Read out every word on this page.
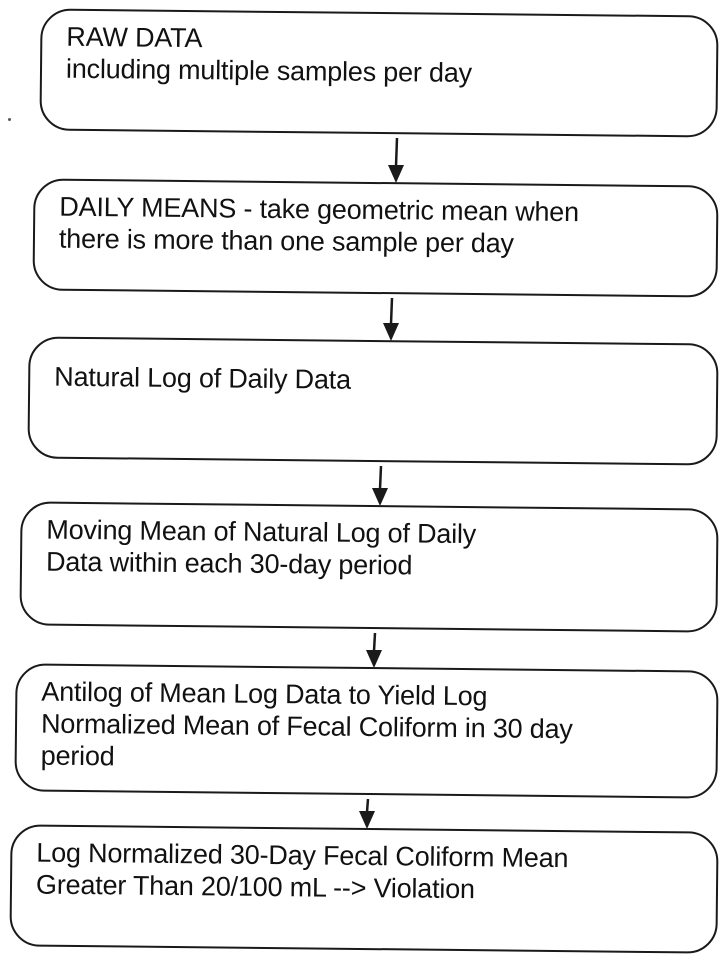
RAW DATA
including multiple samples per day
DAILY MEANS - take geometric mean when
there is more than one sample per day
Natural Log of Daily Data
Moving Mean of Natural Log of Daily
Data within each 30-day period
Antilog of Mean Log Data to Yield Log
Normalized Mean of Fecal Coliform in 30 day
period
Log Normalized 30-Day Fecal Coliform Mean
Greater Than 20/100 mL --> Violation
